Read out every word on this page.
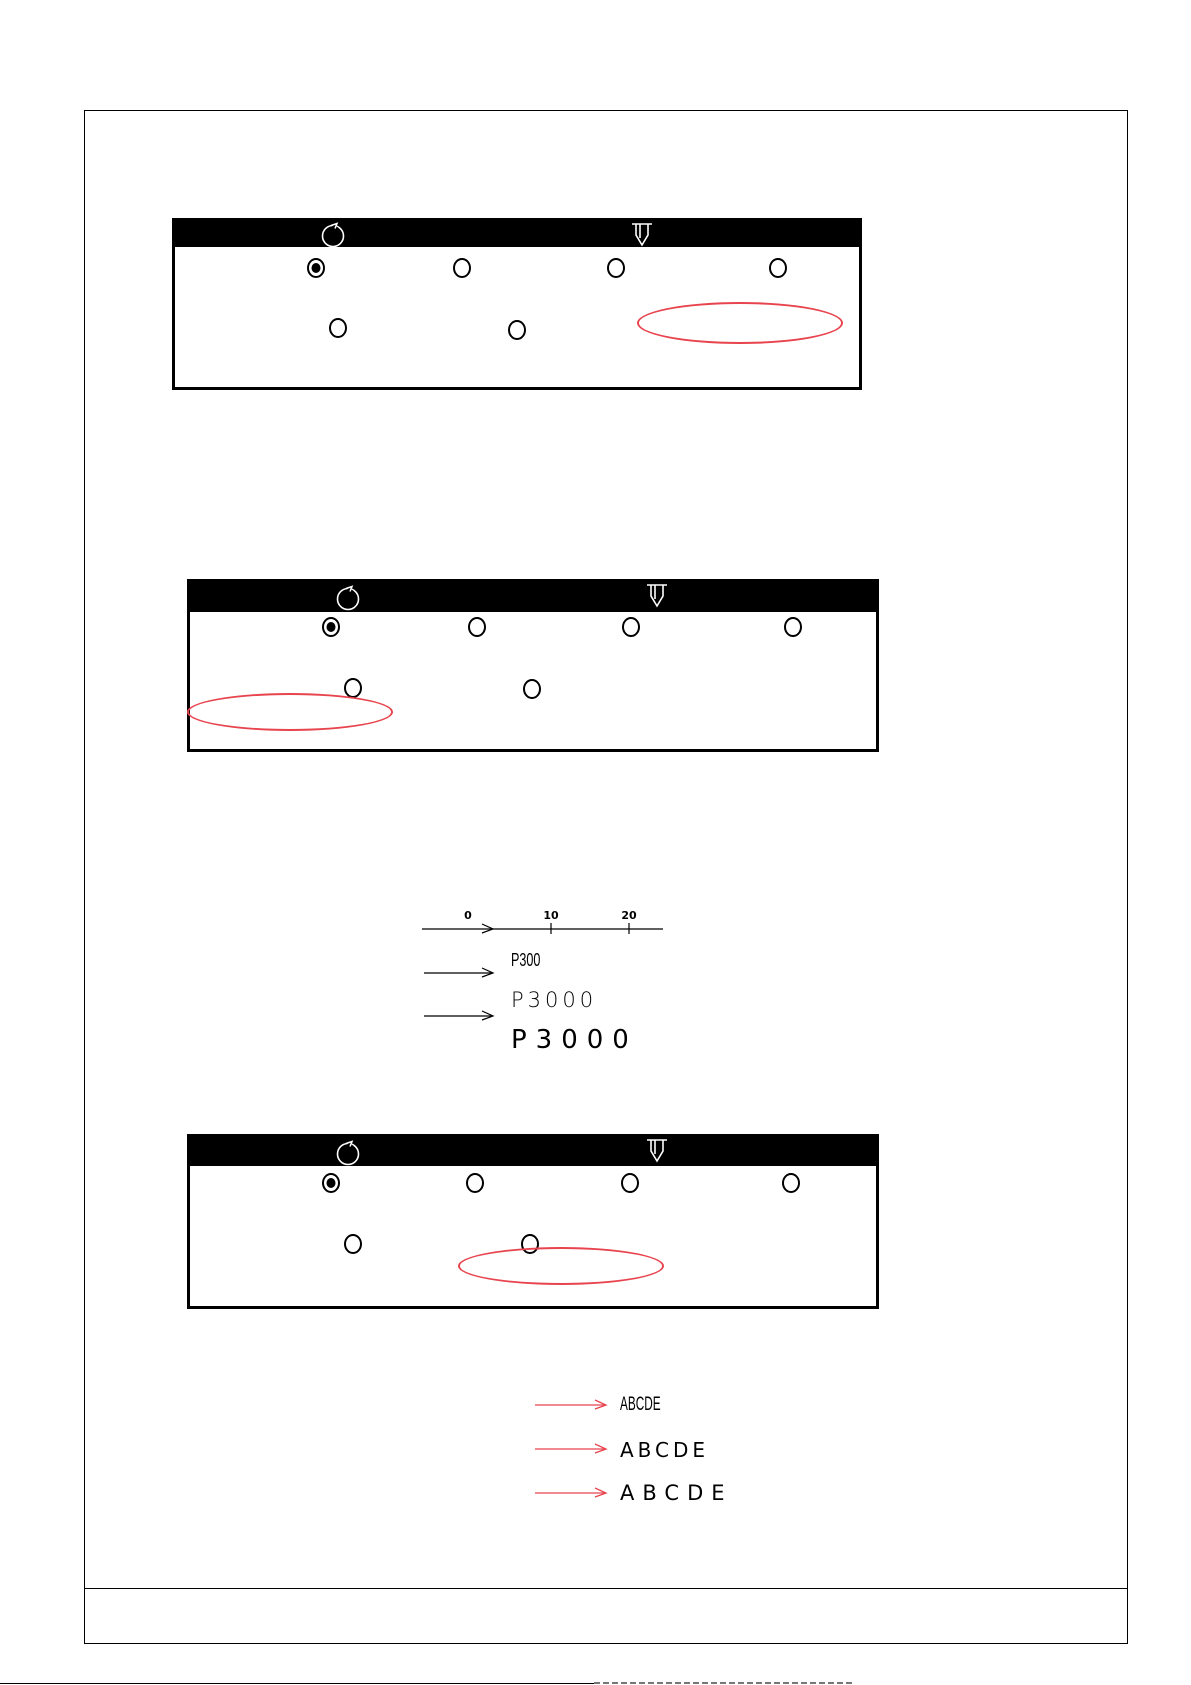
0	10	20
P300
P3000
P3000
ABCDE
ABCDE
ABCDE
